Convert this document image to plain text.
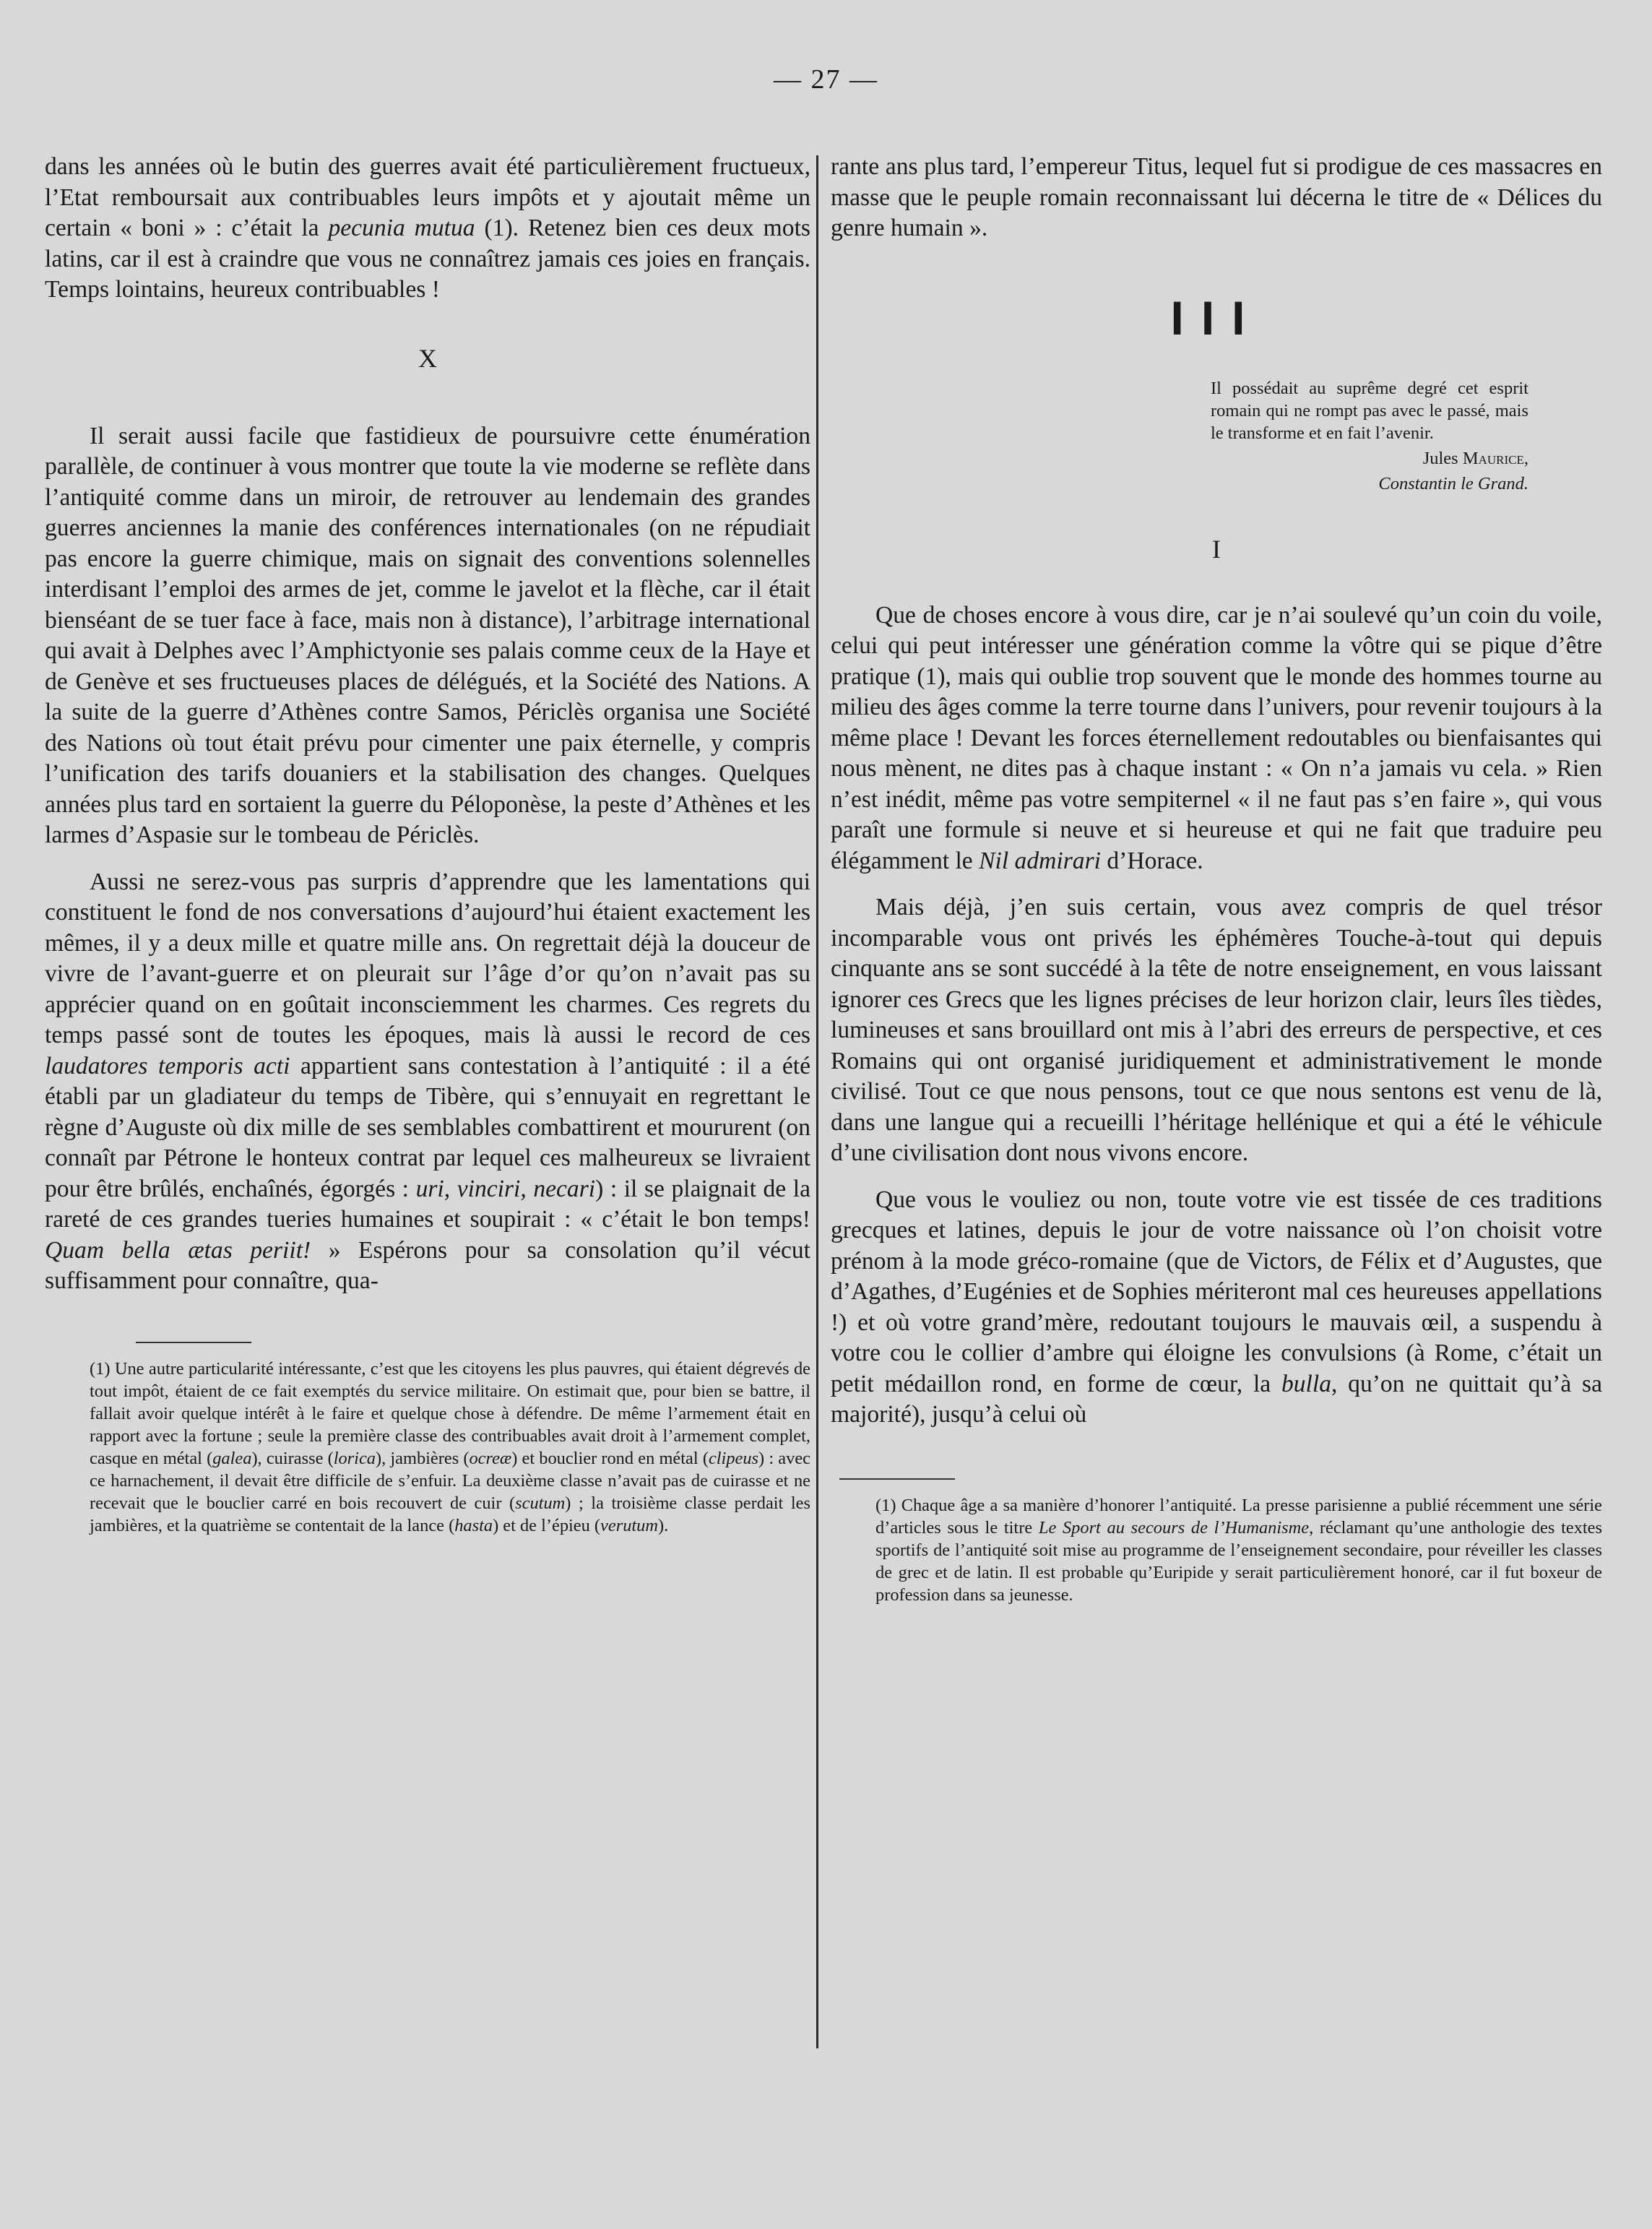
— 27 —

dans les années où le butin des guerres avait été particulièrement fructueux, l’Etat remboursait aux contribuables leurs impôts et y ajoutait même un certain « boni » : c’était la pecunia mutua (1). Retenez bien ces deux mots latins, car il est à craindre que vous ne connaîtrez jamais ces joies en français. Temps lointains, heureux contribuables !

X

Il serait aussi facile que fastidieux de poursuivre cette énumération parallèle, de continuer à vous montrer que toute la vie moderne se reflète dans l’antiquité comme dans un miroir, de retrouver au lendemain des grandes guerres anciennes la manie des conférences internationales (on ne répudiait pas encore la guerre chimique, mais on signait des conventions solennelles interdisant l’emploi des armes de jet, comme le javelot et la flèche, car il était bienséant de se tuer face à face, mais non à distance), l’arbitrage international qui avait à Delphes avec l’Amphictyonie ses palais comme ceux de la Haye et de Genève et ses fructueuses places de délégués, et la Société des Nations. A la suite de la guerre d’Athènes contre Samos, Périclès organisa une Société des Nations où tout était prévu pour cimenter une paix éternelle, y compris l’unification des tarifs douaniers et la stabilisation des changes. Quelques années plus tard en sortaient la guerre du Péloponèse, la peste d’Athènes et les larmes d’Aspasie sur le tombeau de Périclès.

Aussi ne serez-vous pas surpris d’apprendre que les lamentations qui constituent le fond de nos conversations d’aujourd’hui étaient exactement les mêmes, il y a deux mille et quatre mille ans. On regrettait déjà la douceur de vivre de l’avant-guerre et on pleurait sur l’âge d’or qu’on n’avait pas su apprécier quand on en goûtait inconsciemment les charmes. Ces regrets du temps passé sont de toutes les époques, mais là aussi le record de ces laudatores temporis acti appartient sans contestation à l’antiquité : il a été établi par un gladiateur du temps de Tibère, qui s’ennuyait en regrettant le règne d’Auguste où dix mille de ses semblables combattirent et moururent (on connaît par Pétrone le honteux contrat par lequel ces malheureux se livraient pour être brûlés, enchaînés, égorgés : uri, vinciri, necari) : il se plaignait de la rareté de ces grandes tueries humaines et soupirait : « c’était le bon temps! Quam bella ætas periit! » Espérons pour sa consolation qu’il vécut suffisamment pour connaître, qua-

(1) Une autre particularité intéressante, c’est que les citoyens les plus pauvres, qui étaient dégrevés de tout impôt, étaient de ce fait exemptés du service militaire. On estimait que, pour bien se battre, il fallait avoir quelque intérêt à le faire et quelque chose à défendre. De même l’armement était en rapport avec la fortune ; seule la première classe des contribuables avait droit à l’armement complet, casque en métal (galea), cuirasse (lorica), jambières (ocreæ) et bouclier rond en métal (clipeus) : avec ce harnachement, il devait être difficile de s’enfuir. La deuxième classe n’avait pas de cuirasse et ne recevait que le bouclier carré en bois recouvert de cuir (scutum) ; la troisième classe perdait les jambières, et la quatrième se contentait de la lance (hasta) et de l’épieu (verutum).

rante ans plus tard, l’empereur Titus, lequel fut si prodigue de ces massacres en masse que le peuple romain reconnaissant lui décerna le titre de « Délices du genre humain ».

III
Il possédait au suprême degré cet esprit romain qui ne rompt pas avec le passé, mais le transforme et en fait l’avenir.
Jules Maurice,
Constantin le Grand.
I

Que de choses encore à vous dire, car je n’ai soulevé qu’un coin du voile, celui qui peut intéresser une génération comme la vôtre qui se pique d’être pratique (1), mais qui oublie trop souvent que le monde des hommes tourne au milieu des âges comme la terre tourne dans l’univers, pour revenir toujours à la même place ! Devant les forces éternellement redoutables ou bienfaisantes qui nous mènent, ne dites pas à chaque instant : « On n’a jamais vu cela. » Rien n’est inédit, même pas votre sempiternel « il ne faut pas s’en faire », qui vous paraît une formule si neuve et si heureuse et qui ne fait que traduire peu élégamment le Nil admirari d’Horace.

Mais déjà, j’en suis certain, vous avez compris de quel trésor incomparable vous ont privés les éphémères Touche-à-tout qui depuis cinquante ans se sont succédé à la tête de notre enseignement, en vous laissant ignorer ces Grecs que les lignes précises de leur horizon clair, leurs îles tièdes, lumineuses et sans brouillard ont mis à l’abri des erreurs de perspective, et ces Romains qui ont organisé juridiquement et administrativement le monde civilisé. Tout ce que nous pensons, tout ce que nous sentons est venu de là, dans une langue qui a recueilli l’héritage hellénique et qui a été le véhicule d’une civilisation dont nous vivons encore.

Que vous le vouliez ou non, toute votre vie est tissée de ces traditions grecques et latines, depuis le jour de votre naissance où l’on choisit votre prénom à la mode gréco-romaine (que de Victors, de Félix et d’Augustes, que d’Agathes, d’Eugénies et de Sophies mériteront mal ces heureuses appellations !) et où votre grand’mère, redoutant toujours le mauvais œil, a suspendu à votre cou le collier d’ambre qui éloigne les convulsions (à Rome, c’était un petit médaillon rond, en forme de cœur, la bulla, qu’on ne quittait qu’à sa majorité), jusqu’à celui où

(1) Chaque âge a sa manière d’honorer l’antiquité. La presse parisienne a publié récemment une série d’articles sous le titre Le Sport au secours de l’Humanisme, réclamant qu’une anthologie des textes sportifs de l’antiquité soit mise au programme de l’enseignement secondaire, pour réveiller les classes de grec et de latin. Il est probable qu’Euripide y serait particulièrement honoré, car il fut boxeur de profession dans sa jeunesse.
